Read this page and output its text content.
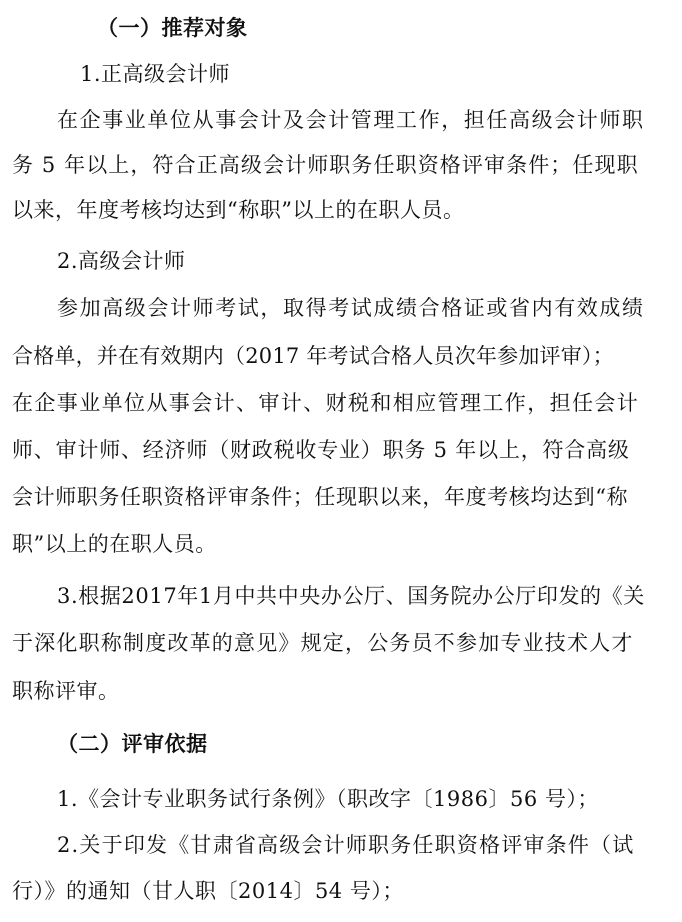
（一）推荐对象
1.正高级会计师
在企事业单位从事会计及会计管理工作，担任高级会计师职
务 5 年以上，符合正高级会计师职务任职资格评审条件；任现职
以来，年度考核均达到“称职”以上的在职人员。
2.高级会计师
参加高级会计师考试，取得考试成绩合格证或省内有效成绩
合格单，并在有效期内（2017 年考试合格人员次年参加评审）；
在企事业单位从事会计、审计、财税和相应管理工作，担任会计
师、审计师、经济师（财政税收专业）职务 5 年以上，符合高级
会计师职务任职资格评审条件；任现职以来，年度考核均达到“称
职”以上的在职人员。
3.根据2017年1月中共中央办公厅、国务院办公厅印发的《关
于深化职称制度改革的意见》规定，公务员不参加专业技术人才
职称评审。
（二）评审依据
1.《会计专业职务试行条例》（职改字〔1986〕56 号）；
2.关于印发《甘肃省高级会计师职务任职资格评审条件（试
行）》的通知（甘人职〔2014〕54 号）；
